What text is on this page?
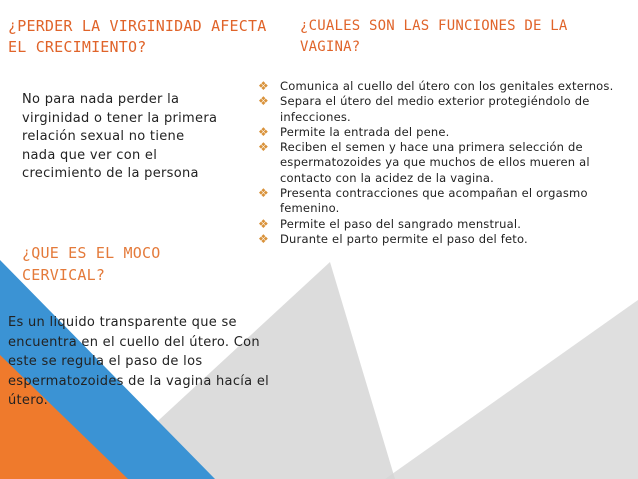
¿PERDER LA VIRGINIDAD AFECTA EL CRECIMIENTO?

No para nada perder la virginidad o tener la primera relación sexual no tiene nada que ver con el crecimiento de la persona

¿CUALES SON LAS FUNCIONES DE LA VAGINA?
❖ Comunica al cuello del útero con los genitales externos.
❖ Separa el útero del medio exterior protegiéndolo de infecciones.
❖ Permite la entrada del pene.
❖ Reciben el semen y hace una primera selección de espermatozoides ya que muchos de ellos mueren al contacto con la acidez de la vagina.
❖ Presenta contracciones que acompañan el orgasmo femenino.
❖ Permite el paso del sangrado menstrual.
❖ Durante el parto permite el paso del feto.
¿QUE ES EL MOCO CERVICAL?

Es un liquido transparente que se encuentra en el cuello del útero. Con este se regula el paso de los espermatozoides de la vagina hacía el útero.
